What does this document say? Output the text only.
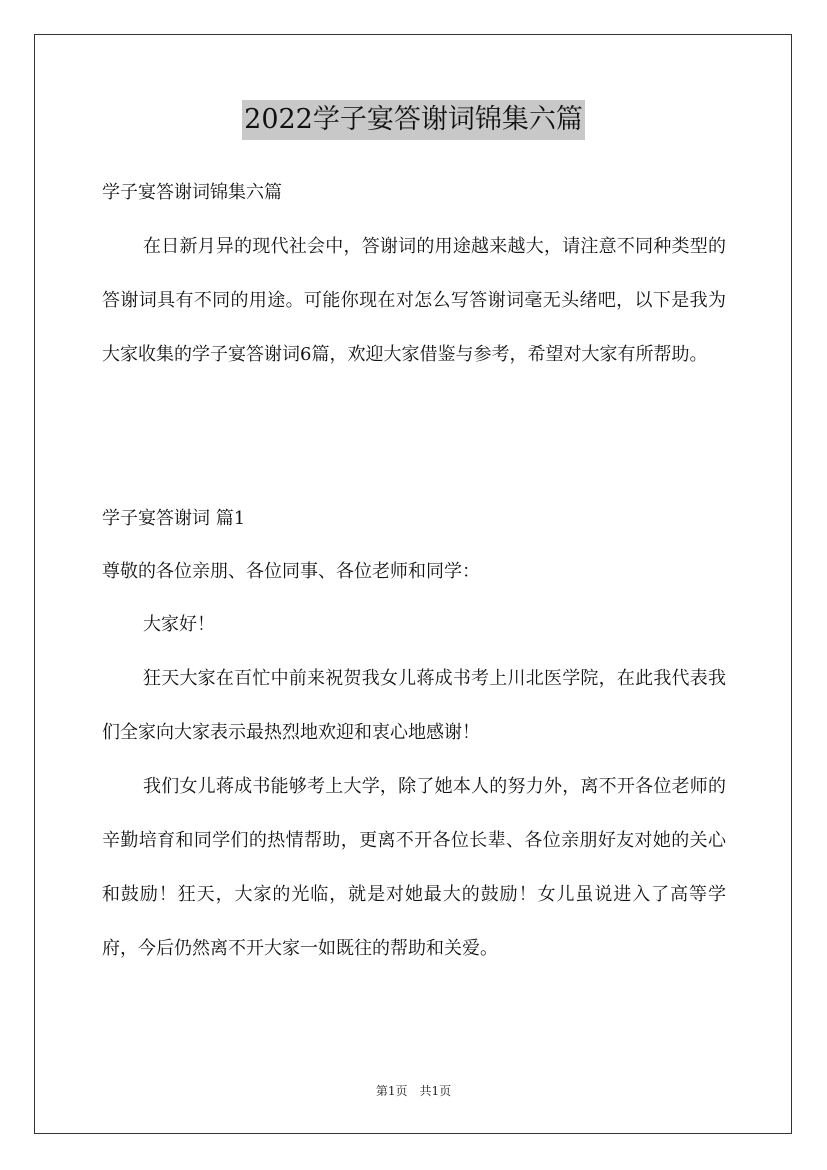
2022学子宴答谢词锦集六篇
学子宴答谢词锦集六篇

在日新月异的现代社会中，答谢词的用途越来越大，请注意不同种类型的答谢词具有不同的用途。可能你现在对怎么写答谢词毫无头绪吧，以下是我为大家收集的学子宴答谢词6篇，欢迎大家借鉴与参考，希望对大家有所帮助。

学子宴答谢词 篇1
尊敬的各位亲朋、各位同事、各位老师和同学：

大家好！

狂天大家在百忙中前来祝贺我女儿蒋成书考上川北医学院，在此我代表我们全家向大家表示最热烈地欢迎和衷心地感谢！

我们女儿蒋成书能够考上大学，除了她本人的努力外，离不开各位老师的辛勤培育和同学们的热情帮助，更离不开各位长辈、各位亲朋好友对她的关心和鼓励！狂天，大家的光临，就是对她最大的鼓励！女儿虽说进入了高等学府，今后仍然离不开大家一如既往的帮助和关爱。

第1页　共1页
